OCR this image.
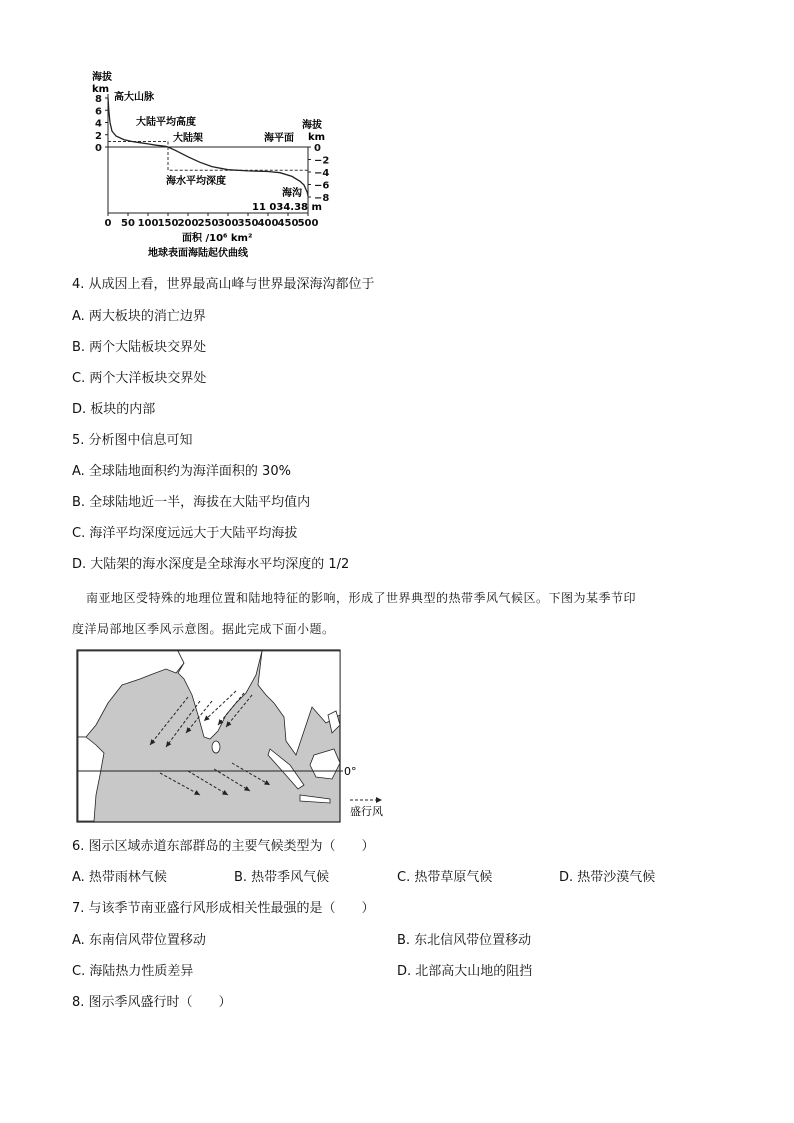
0 50 100 150 200 250 300 350 400 450 500
8
6
4
2
0	0
−2
−4
−6
−8
海拔
km
海拔
km
高大山脉
大陆平均高度
大陆架	海平面
海水平均深度
海沟
11 034.38 m
面积 /10⁶ km²
地球表面海陆起伏曲线
4. 从成因上看，世界最高山峰与世界最深海沟都位于
A. 两大板块的消亡边界
B. 两个大陆板块交界处
C. 两个大洋板块交界处
D. 板块的内部
5. 分析图中信息可知
A. 全球陆地面积约为海洋面积的 30%
B. 全球陆地近一半，海拔在大陆平均值内
C. 海洋平均深度远远大于大陆平均海拔
D. 大陆架的海水深度是全球海水平均深度的 1/2
南亚地区受特殊的地理位置和陆地特征的影响，形成了世界典型的热带季风气候区。下图为某季节印
度洋局部地区季风示意图。据此完成下面小题。
0°
盛行风
6. 图示区域赤道东部群岛的主要气候类型为（　　）
A. 热带雨林气候	B. 热带季风气候	C. 热带草原气候	D. 热带沙漠气候
7. 与该季节南亚盛行风形成相关性最强的是（　　）
A. 东南信风带位置移动	B. 东北信风带位置移动
C. 海陆热力性质差异	D. 北部高大山地的阻挡
8. 图示季风盛行时（　　）
